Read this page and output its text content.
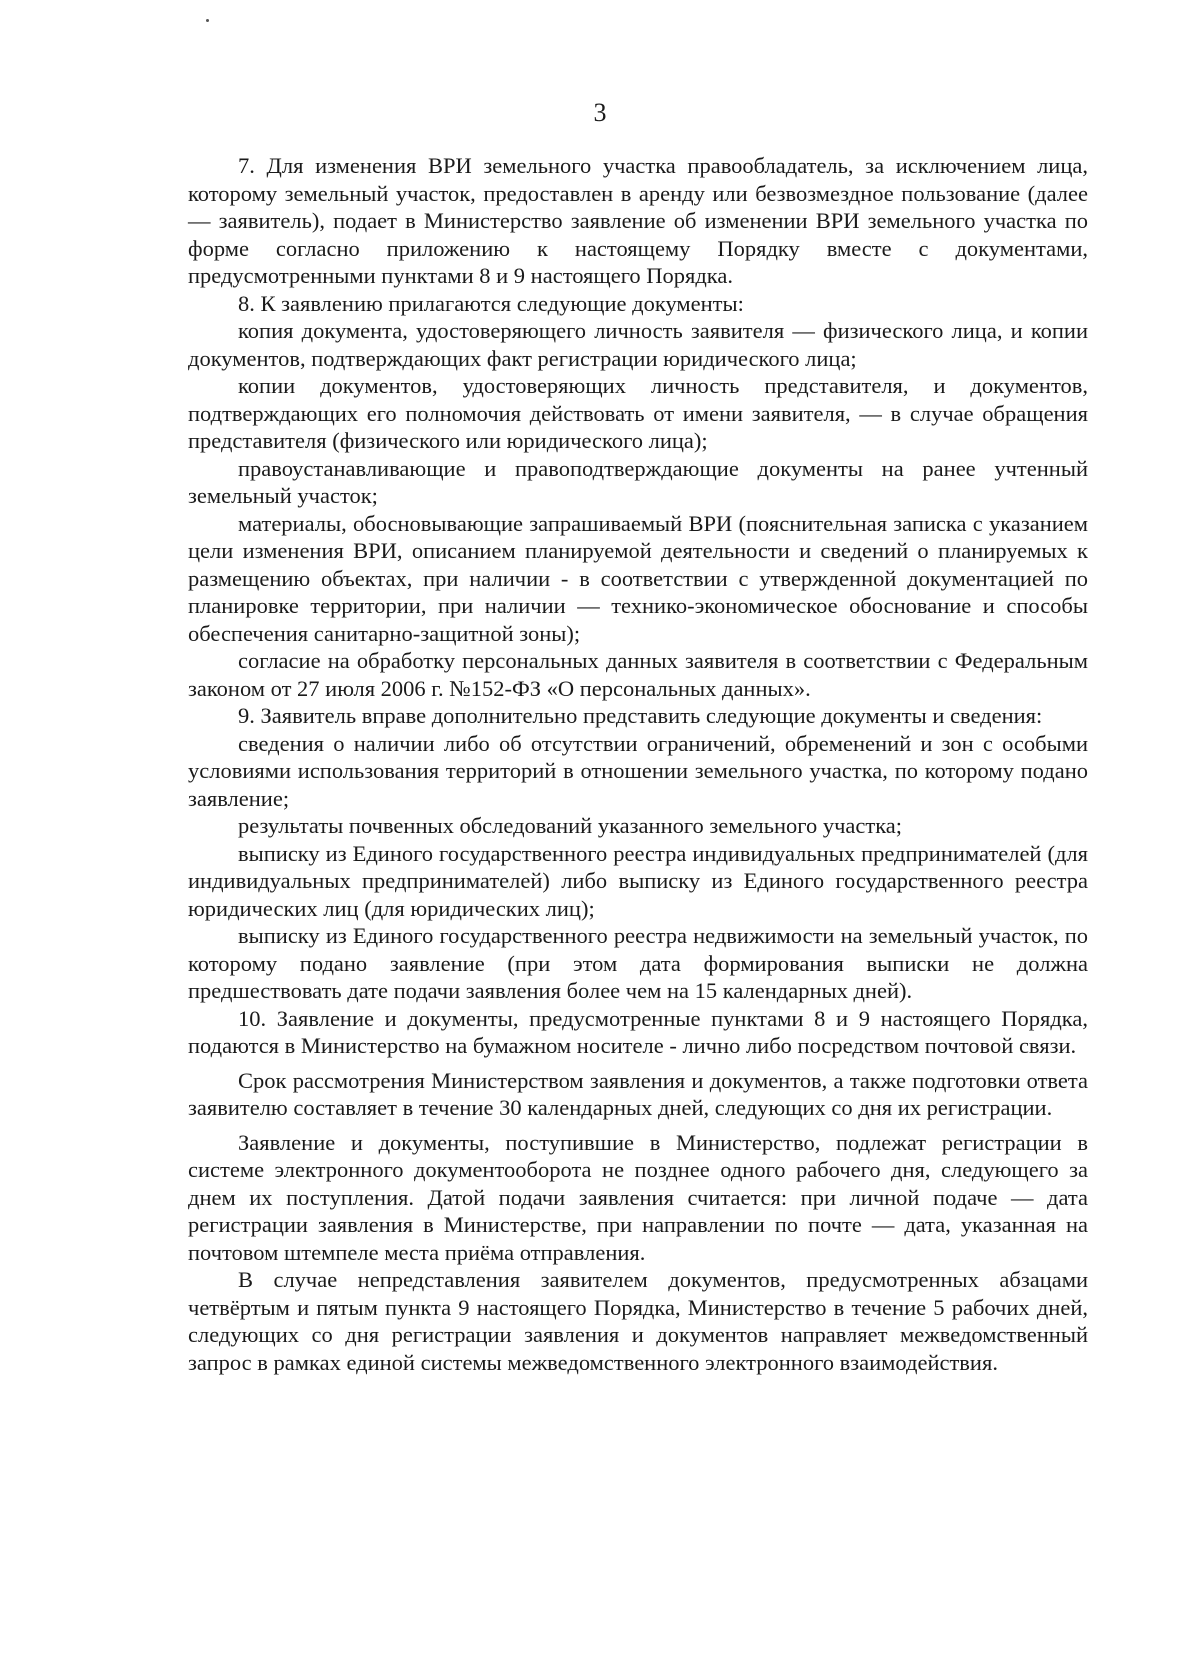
3

7. Для изменения ВРИ земельного участка правообладатель, за исключением лица, которому земельный участок, предоставлен в аренду или безвозмездное пользование (далее — заявитель), подает в Министерство заявление об изменении ВРИ земельного участка по форме согласно приложению к настоящему Порядку вместе с документами, предусмотренными пунктами 8 и 9 настоящего Порядка.

8. К заявлению прилагаются следующие документы:

копия документа, удостоверяющего личность заявителя — физического лица, и копии документов, подтверждающих факт регистрации юридического лица;

копии документов, удостоверяющих личность представителя, и документов, подтверждающих его полномочия действовать от имени заявителя, — в случае обращения представителя (физического или юридического лица);

правоустанавливающие и правоподтверждающие документы на ранее учтенный земельный участок;

материалы, обосновывающие запрашиваемый ВРИ (пояснительная записка с указанием цели изменения ВРИ, описанием планируемой деятельности и сведений о планируемых к размещению объектах, при наличии - в соответствии с утвержденной документацией по планировке территории, при наличии — технико-экономическое обоснование и способы обеспечения санитарно-защитной зоны);

согласие на обработку персональных данных заявителя в соответствии с Федеральным законом от 27 июля 2006 г. №152-ФЗ «О персональных данных».

9. Заявитель вправе дополнительно представить следующие документы и сведения:

сведения о наличии либо об отсутствии ограничений, обременений и зон с особыми условиями использования территорий в отношении земельного участка, по которому подано заявление;

результаты почвенных обследований указанного земельного участка;

выписку из Единого государственного реестра индивидуальных предпринимателей (для индивидуальных предпринимателей) либо выписку из Единого государственного реестра юридических лиц (для юридических лиц);

выписку из Единого государственного реестра недвижимости на земельный участок, по которому подано заявление (при этом дата формирования выписки не должна предшествовать дате подачи заявления более чем на 15 календарных дней).

10. Заявление и документы, предусмотренные пунктами 8 и 9 настоящего Порядка, подаются в Министерство на бумажном носителе - лично либо посредством почтовой связи.

Срок рассмотрения Министерством заявления и документов, а также подготовки ответа заявителю составляет в течение 30 календарных дней, следующих со дня их регистрации.

Заявление и документы, поступившие в Министерство, подлежат регистрации в системе электронного документооборота не позднее одного рабочего дня, следующего за днем их поступления. Датой подачи заявления считается: при личной подаче — дата регистрации заявления в Министерстве, при направлении по почте — дата, указанная на почтовом штемпеле места приёма отправления.

В случае непредставления заявителем документов, предусмотренных абзацами четвёртым и пятым пункта 9 настоящего Порядка, Министерство в течение 5 рабочих дней, следующих со дня регистрации заявления и документов направляет межведомственный запрос в рамках единой системы межведомственного электронного взаимодействия.
